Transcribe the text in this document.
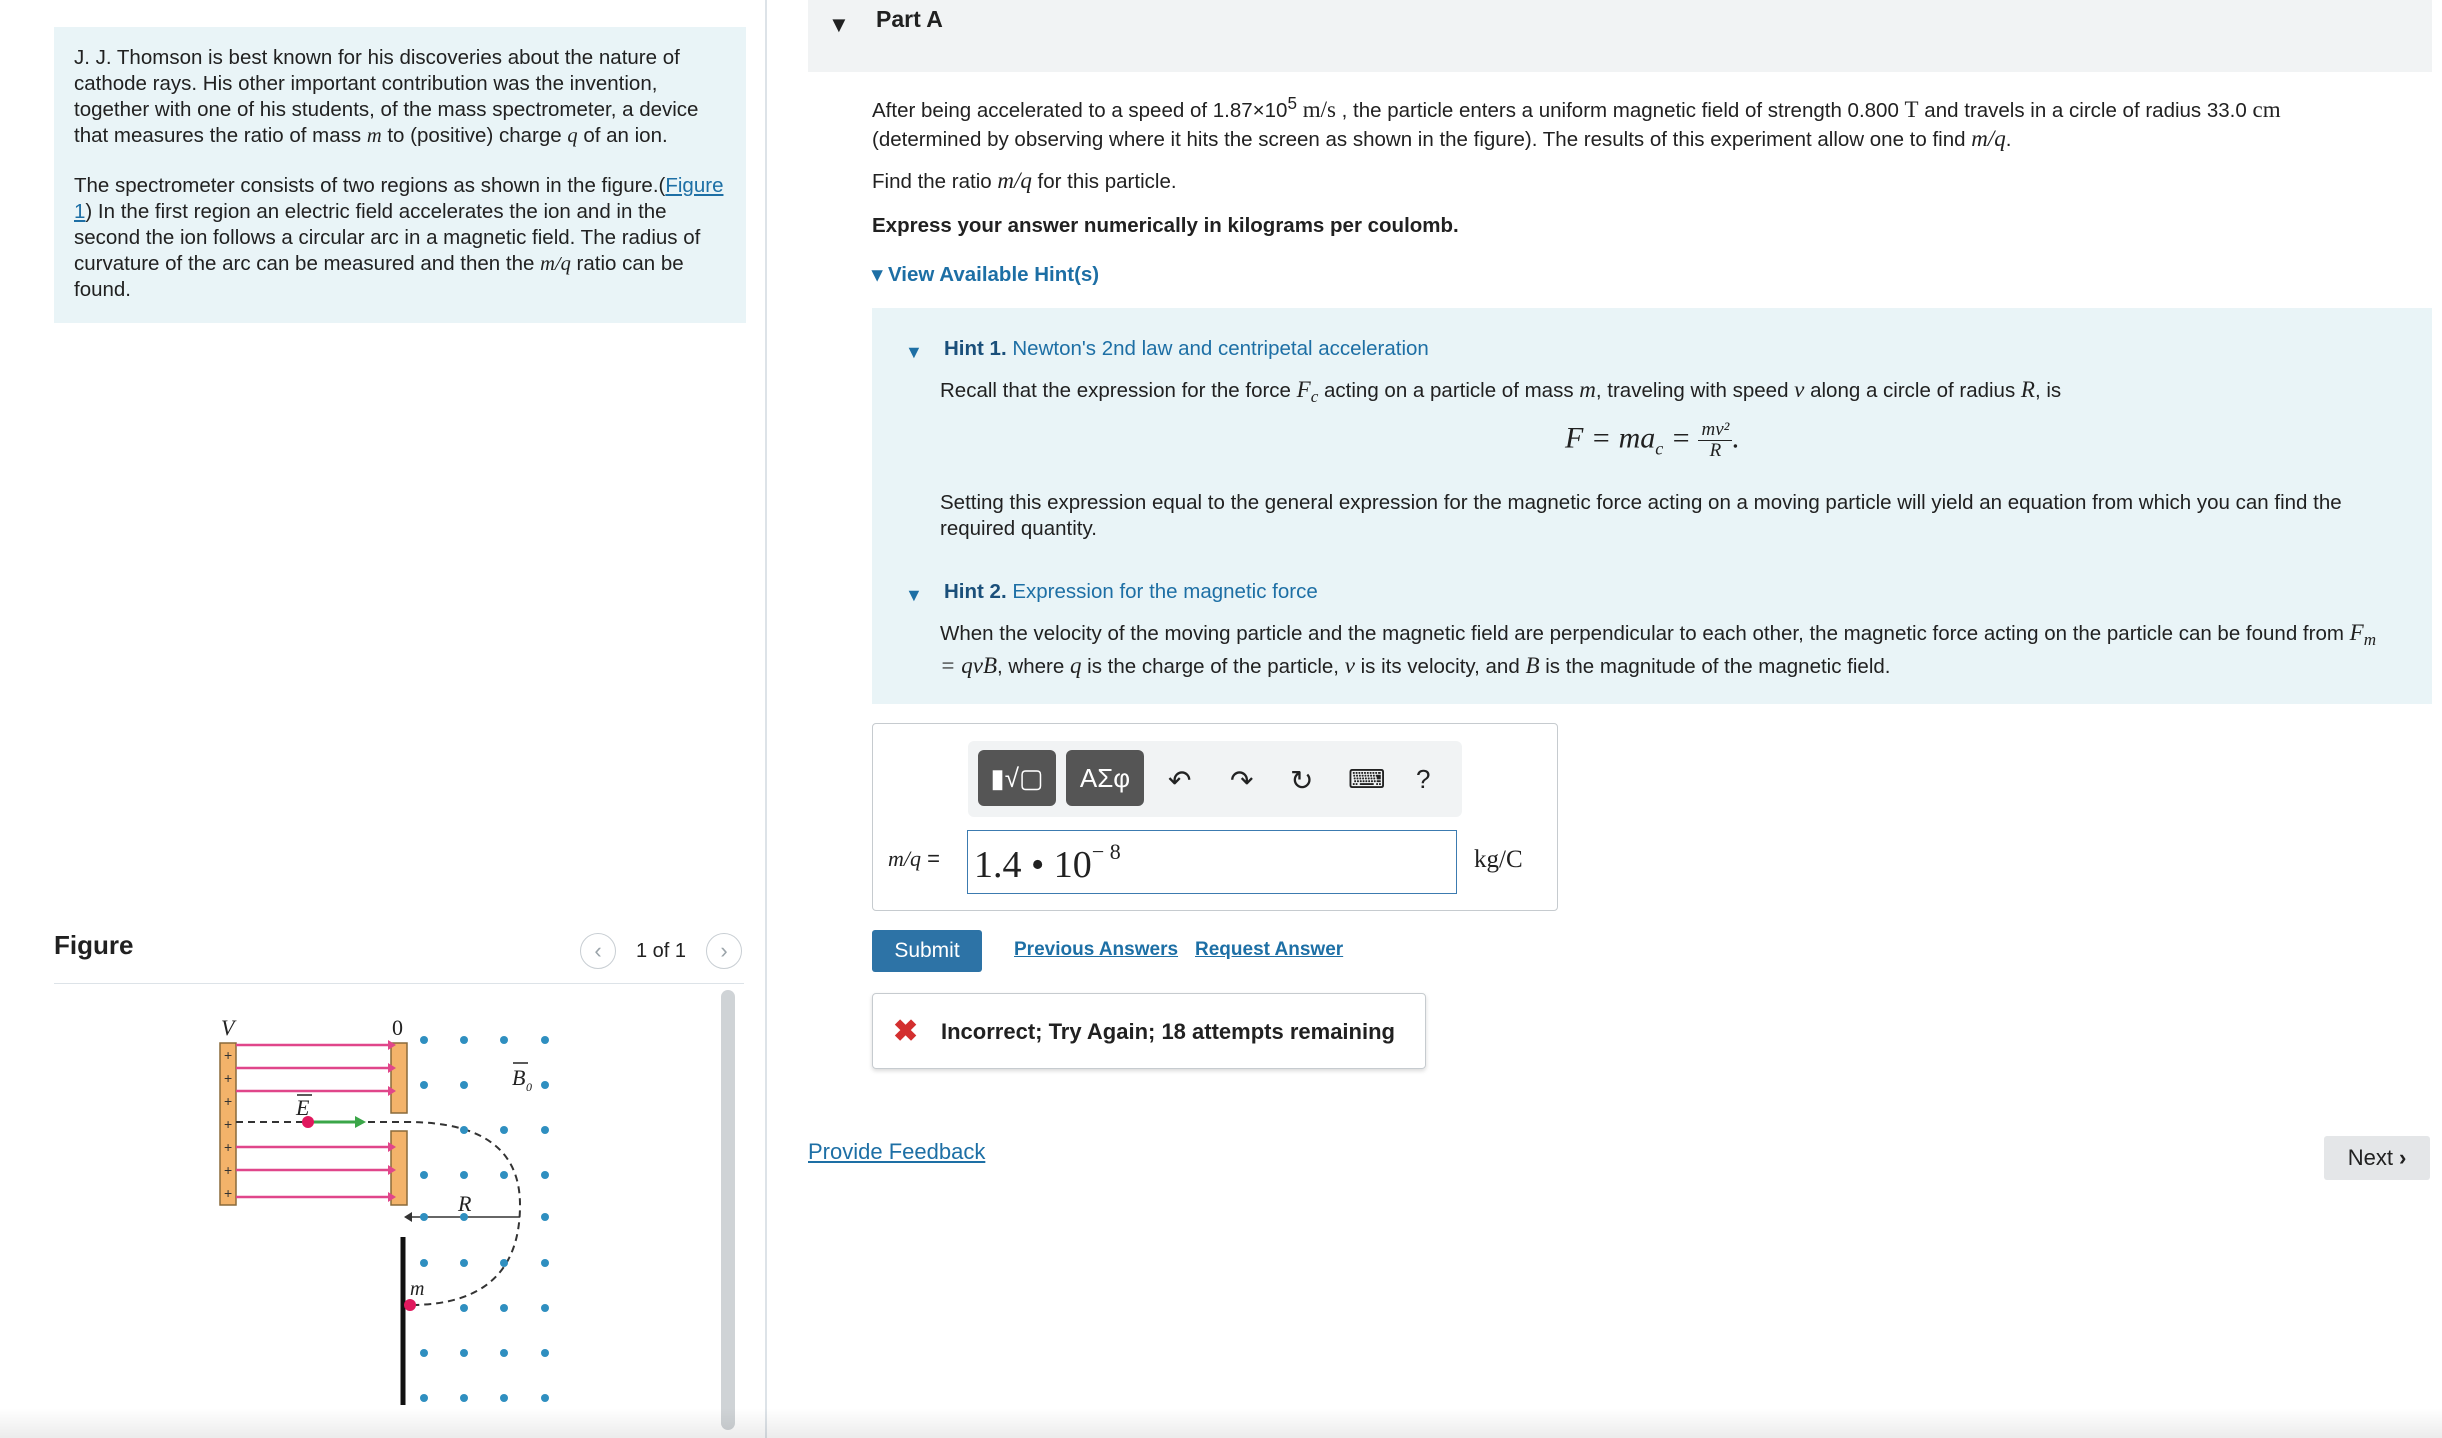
J. J. Thomson is best known for his discoveries about the nature of cathode rays. His other important contribution was the invention, together with one of his students, of the mass spectrometer, a device that measures the ratio of mass m to (positive) charge q of an ion.

The spectrometer consists of two regions as shown in the figure.(Figure 1) In the first region an electric field accelerates the ion and in the second the ion follows a circular arc in a magnetic field. The radius of curvature of the arc can be measured and then the m/q ratio can be found.

Figure	‹	1 of 1	›
+
+
+
+
+
+
+
V	0
E
B 0
R
m
▼ Part A
After being accelerated to a speed of $1.87\times 10^5$ m/s , the particle enters a uniform magnetic field of strength 0.800 T and travels in a circle of radius 33.0 cm (determined by observing where it hits the screen as shown in the figure). The results of this experiment allow one to find m/q.
Find the ratio m/q for this particle.
Express your answer numerically in kilograms per coulomb.
▾ View Available Hint(s)
▼ Hint 1. Newton's 2nd law and centripetal acceleration
Recall that the expression for the force $F_c$ acting on a particle of mass m, traveling with speed v along a circle of radius R, is
$F = ma_c = \frac{\text{mv²}}{R}$ .
Setting this expression equal to the general expression for the magnetic force acting on a moving particle will yield an equation from which you can find the required quantity.
▼ Hint 2. Expression for the magnetic force
When the velocity of the moving particle and the magnetic field are perpendicular to each other, the magnetic force acting on the particle can be found from $F_m$ = qvB, where q is the charge of the particle, v is its velocity, and B is the magnitude of the magnetic field.
▮√▢	ΑΣφ	↶ ↷ ↻ ⌨ ?
m/q = 1.4 • $10^{- 8}$	kg/C
Submit	Previous Answers Request Answer
✖ Incorrect; Try Again; 18 attempts remaining
Provide Feedback	Next ›
